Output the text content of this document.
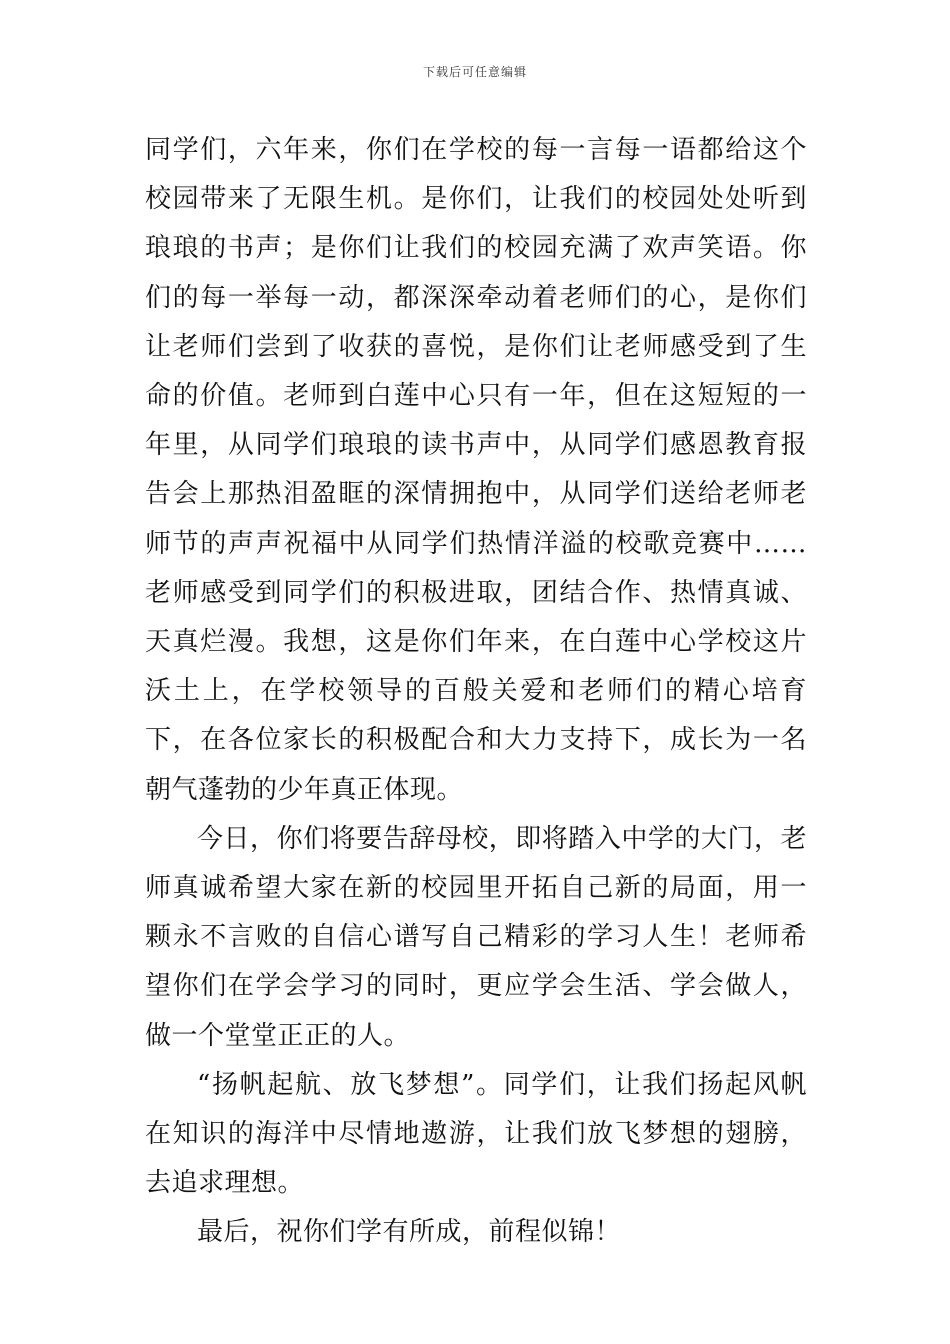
下载后可任意编辑

同学们，六年来，你们在学校的每一言每一语都给这个校园带来了无限生机。是你们，让我们的校园处处听到琅琅的书声；是你们让我们的校园充满了欢声笑语。你们的每一举每一动，都深深牵动着老师们的心，是你们让老师们尝到了收获的喜悦，是你们让老师感受到了生命的价值。老师到白莲中心只有一年，但在这短短的一年里，从同学们琅琅的读书声中，从同学们感恩教育报告会上那热泪盈眶的深情拥抱中，从同学们送给老师老师节的声声祝福中从同学们热情洋溢的校歌竞赛中……老师感受到同学们的积极进取，团结合作、热情真诚、天真烂漫。我想，这是你们年来，在白莲中心学校这片沃土上，在学校领导的百般关爱和老师们的精心培育下，在各位家长的积极配合和大力支持下，成长为一名朝气蓬勃的少年真正体现。

今日，你们将要告辞母校，即将踏入中学的大门，老师真诚希望大家在新的校园里开拓自己新的局面，用一颗永不言败的自信心谱写自己精彩的学习人生！老师希望你们在学会学习的同时，更应学会生活、学会做人，做一个堂堂正正的人。

“扬帆起航、放飞梦想”。同学们，让我们扬起风帆在知识的海洋中尽情地遨游，让我们放飞梦想的翅膀，去追求理想。

最后，祝你们学有所成，前程似锦！
